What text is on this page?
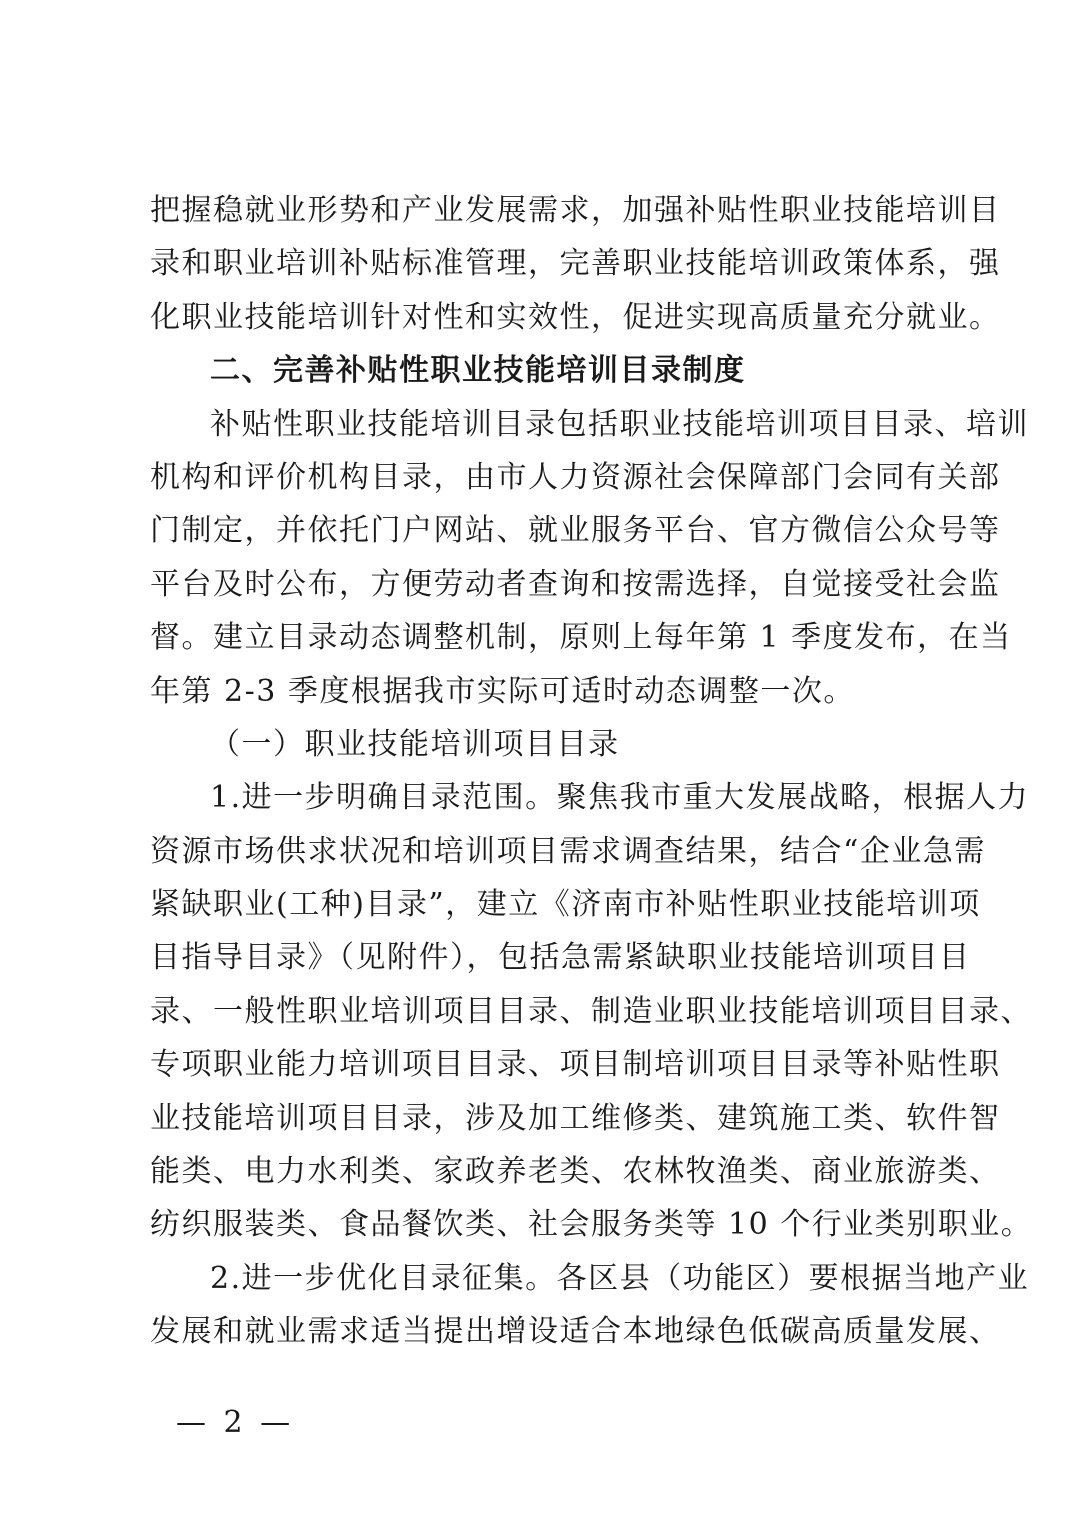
把握稳就业形势和产业发展需求，加强补贴性职业技能培训目
录和职业培训补贴标准管理，完善职业技能培训政策体系，强
化职业技能培训针对性和实效性，促进实现高质量充分就业。
二、完善补贴性职业技能培训目录制度
补贴性职业技能培训目录包括职业技能培训项目目录、培训
机构和评价机构目录，由市人力资源社会保障部门会同有关部
门制定，并依托门户网站、就业服务平台、官方微信公众号等
平台及时公布，方便劳动者查询和按需选择，自觉接受社会监
督。建立目录动态调整机制，原则上每年第 1 季度发布，在当
年第 2-3 季度根据我市实际可适时动态调整一次。
（一）职业技能培训项目目录
1.进一步明确目录范围。聚焦我市重大发展战略，根据人力
资源市场供求状况和培训项目需求调查结果，结合“企业急需
紧缺职业(工种)目录”，建立《济南市补贴性职业技能培训项
目指导目录》（见附件），包括急需紧缺职业技能培训项目目
录、一般性职业培训项目目录、制造业职业技能培训项目目录、
专项职业能力培训项目目录、项目制培训项目目录等补贴性职
业技能培训项目目录，涉及加工维修类、建筑施工类、软件智
能类、电力水利类、家政养老类、农林牧渔类、商业旅游类、
纺织服装类、食品餐饮类、社会服务类等 10 个行业类别职业。
2.进一步优化目录征集。各区县（功能区）要根据当地产业
发展和就业需求适当提出增设适合本地绿色低碳高质量发展、
— 2 —
